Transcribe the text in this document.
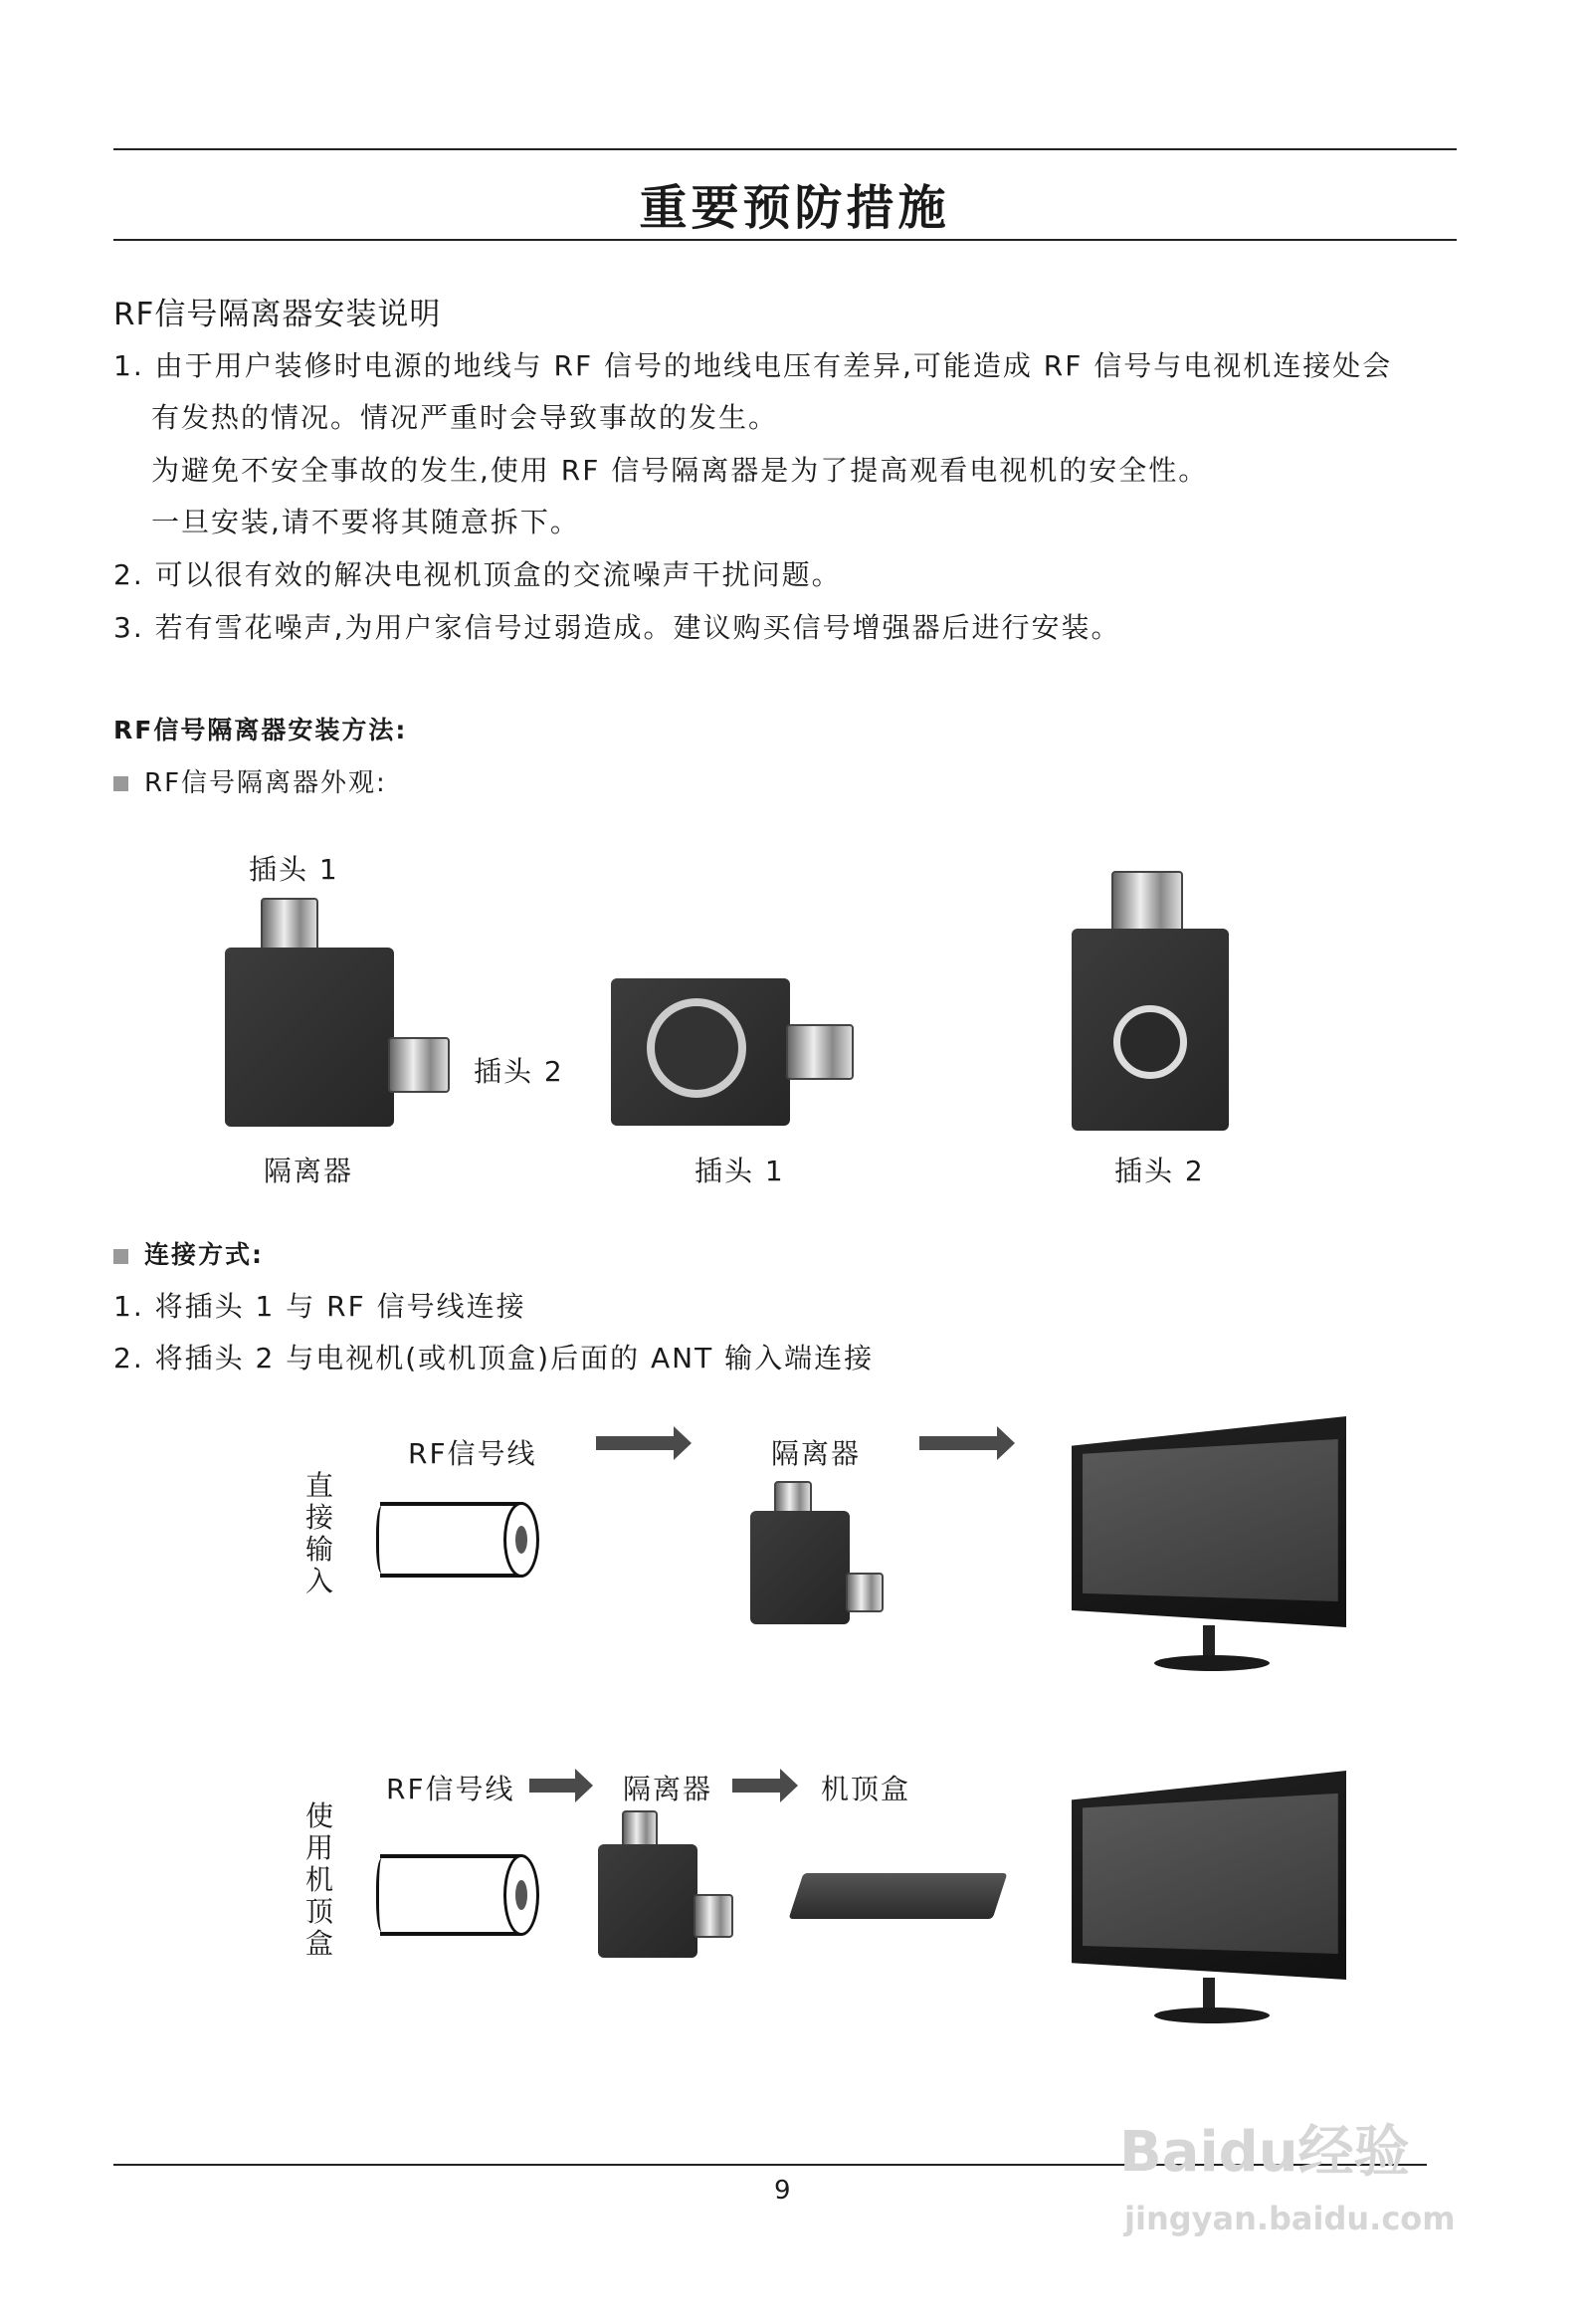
重要预防措施
RF信号隔离器安装说明
1. 由于用户装修时电源的地线与 RF 信号的地线电压有差异,可能造成 RF 信号与电视机连接处会
有发热的情况。情况严重时会导致事故的发生。
为避免不安全事故的发生,使用 RF 信号隔离器是为了提高观看电视机的安全性。
一旦安装,请不要将其随意拆下。
2. 可以很有效的解决电视机顶盒的交流噪声干扰问题。
3. 若有雪花噪声,为用户家信号过弱造成。建议购买信号增强器后进行安装。
RF信号隔离器安装方法:
RF信号隔离器外观:
插头 1
插头 2
隔离器	插头 1	插头 2
连接方式:
1. 将插头 1 与 RF 信号线连接
2. 将插头 2 与电视机(或机顶盒)后面的 ANT 输入端连接
直
接
输
入
RF信号线	隔离器
使
用
机
顶
盒
RF信号线	隔离器	机顶盒
9
Baidu经验
jingyan.baidu.com
